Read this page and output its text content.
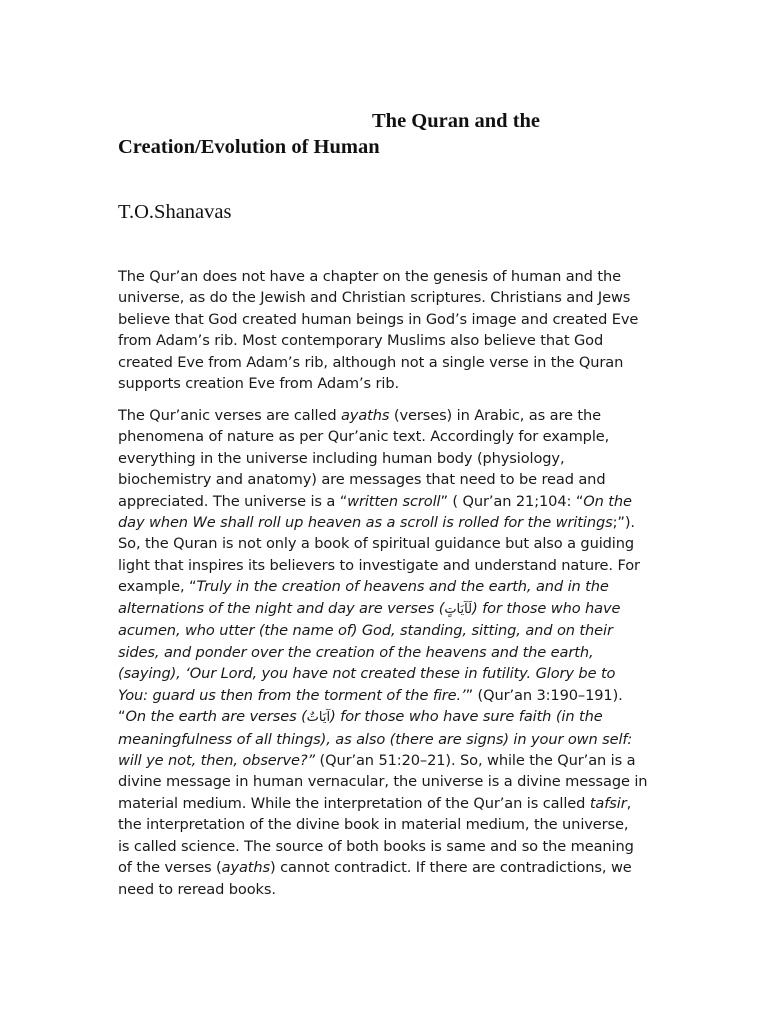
The Quran and the
Creation/Evolution of Human
T.O.Shanavas
The Qur’an does not have a chapter on the genesis of human and the
universe, as do the Jewish and Christian scriptures. Christians and Jews
believe that God created human beings in God’s image and created Eve
from Adam’s rib. Most contemporary Muslims also believe that God
created Eve from Adam’s rib, although not a single verse in the Quran
supports creation Eve from Adam’s rib.
The Qur’anic verses are called ayaths (verses) in Arabic, as are the
phenomena of nature as per Qur’anic text. Accordingly for example,
everything in the universe including human body (physiology,
biochemistry and anatomy) are messages that need to be read and
appreciated. The universe is a “written scroll” ( Qur’an 21;104: “On the
day when We shall roll up heaven as a scroll is rolled for the writings;”).
So, the Quran is not only a book of spiritual guidance but also a guiding
light that inspires its believers to investigate and understand nature. For
example, “Truly in the creation of heavens and the earth, and in the
alternations of the night and day are verses (لَآيَاتٍ) for those who have
acumen, who utter (the name of) God, standing, sitting, and on their
sides, and ponder over the creation of the heavens and the earth,
(saying), ‘Our Lord, you have not created these in futility. Glory be to
You: guard us then from the torment of the fire.’” (Qur’an 3:190–191).
“On the earth are verses (آيَاتٌ) for those who have sure faith (in the
meaningfulness of all things), as also (there are signs) in your own self:
will ye not, then, observe?” (Qur’an 51:20–21). So, while the Qur’an is a
divine message in human vernacular, the universe is a divine message in
material medium. While the interpretation of the Qur’an is called tafsir,
the interpretation of the divine book in material medium, the universe,
is called science. The source of both books is same and so the meaning
of the verses (ayaths) cannot contradict. If there are contradictions, we
need to reread books.
